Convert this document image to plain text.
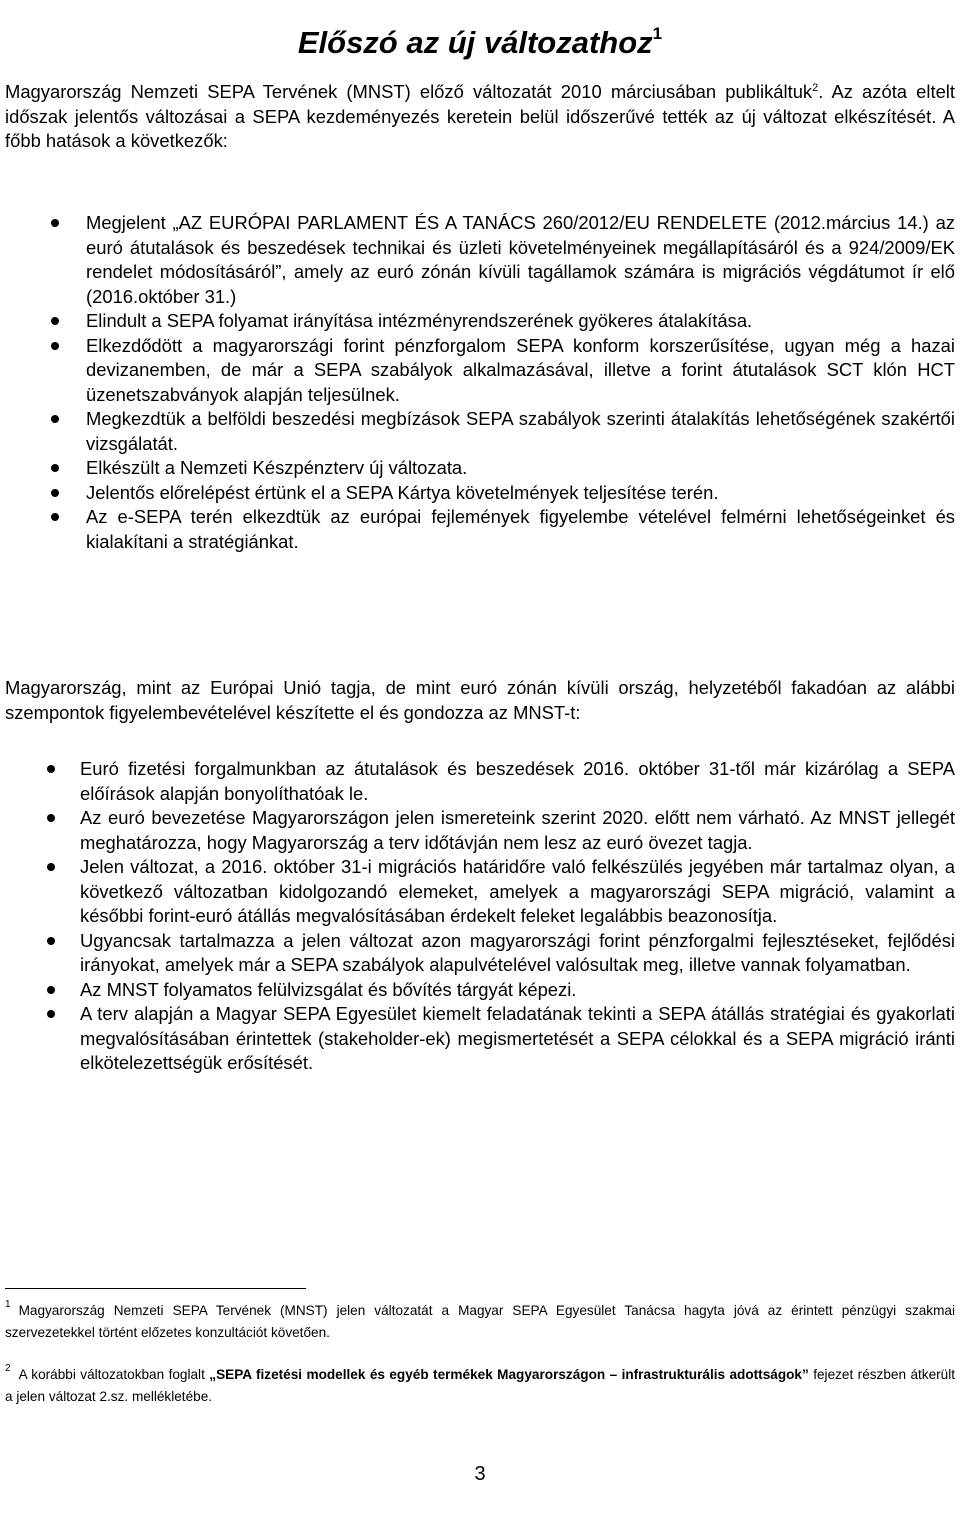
Előszó az új változathoz$^1$

Magyarország Nemzeti SEPA Tervének (MNST) előző változatát 2010 márciusában publikáltuk$^2$. Az azóta eltelt időszak jelentős változásai a SEPA kezdeményezés keretein belül időszerűvé tették az új változat elkészítését. A főbb hatások a következők:

Megjelent „AZ EURÓPAI PARLAMENT ÉS A TANÁCS 260/2012/EU RENDELETE (2012.március 14.) az euró átutalások és beszedések technikai és üzleti követelményeinek megállapításáról és a 924/2009/EK rendelet módosításáról”, amely az euró zónán kívüli tagállamok számára is migrációs végdátumot ír elő (2016.október 31.)
Elindult a SEPA folyamat irányítása intézményrendszerének gyökeres átalakítása.
Elkezdődött a magyarországi forint pénzforgalom SEPA konform korszerűsítése, ugyan még a hazai devizanemben, de már a SEPA szabályok alkalmazásával, illetve a forint átutalások SCT klón HCT üzenetszabványok alapján teljesülnek.
Megkezdtük a belföldi beszedési megbízások SEPA szabályok szerinti átalakítás lehetőségének szakértői vizsgálatát.
Elkészült a Nemzeti Készpénzterv új változata.
Jelentős előrelépést értünk el a SEPA Kártya követelmények teljesítése terén.
Az e-SEPA terén elkezdtük az európai fejlemények figyelembe vételével felmérni lehetőségeinket és kialakítani a stratégiánkat.

Magyarország, mint az Európai Unió tagja, de mint euró zónán kívüli ország, helyzetéből fakadóan az alábbi szempontok figyelembevételével készítette el és gondozza az MNST-t:

Euró fizetési forgalmunkban az átutalások és beszedések 2016. október 31-től már kizárólag a SEPA előírások alapján bonyolíthatóak le.
Az euró bevezetése Magyarországon jelen ismereteink szerint 2020. előtt nem várható. Az MNST jellegét meghatározza, hogy Magyarország a terv időtávján nem lesz az euró övezet tagja.
Jelen változat, a 2016. október 31-i migrációs határidőre való felkészülés jegyében már tartalmaz olyan, a következő változatban kidolgozandó elemeket, amelyek a magyarországi SEPA migráció, valamint a későbbi forint-euró átállás megvalósításában érdekelt feleket legalábbis beazonosítja.
Ugyancsak tartalmazza a jelen változat azon magyarországi forint pénzforgalmi fejlesztéseket, fejlődési irányokat, amelyek már a SEPA szabályok alapulvételével valósultak meg, illetve vannak folyamatban.
Az MNST folyamatos felülvizsgálat és bővítés tárgyát képezi.
A terv alapján a Magyar SEPA Egyesület kiemelt feladatának tekinti a SEPA átállás stratégiai és gyakorlati megvalósításában érintettek (stakeholder-ek) megismertetését a SEPA célokkal és a SEPA migráció iránti elkötelezettségük erősítését.

$^1$ Magyarország Nemzeti SEPA Tervének (MNST) jelen változatát a Magyar SEPA Egyesület Tanácsa hagyta jóvá az érintett pénzügyi szakmai szervezetekkel történt előzetes konzultációt követően.

$^2$ A korábbi változatokban foglalt „SEPA fizetési modellek és egyéb termékek Magyarországon – infrastrukturális adottságok” fejezet részben átkerült a jelen változat 2.sz. mellékletébe.

3
